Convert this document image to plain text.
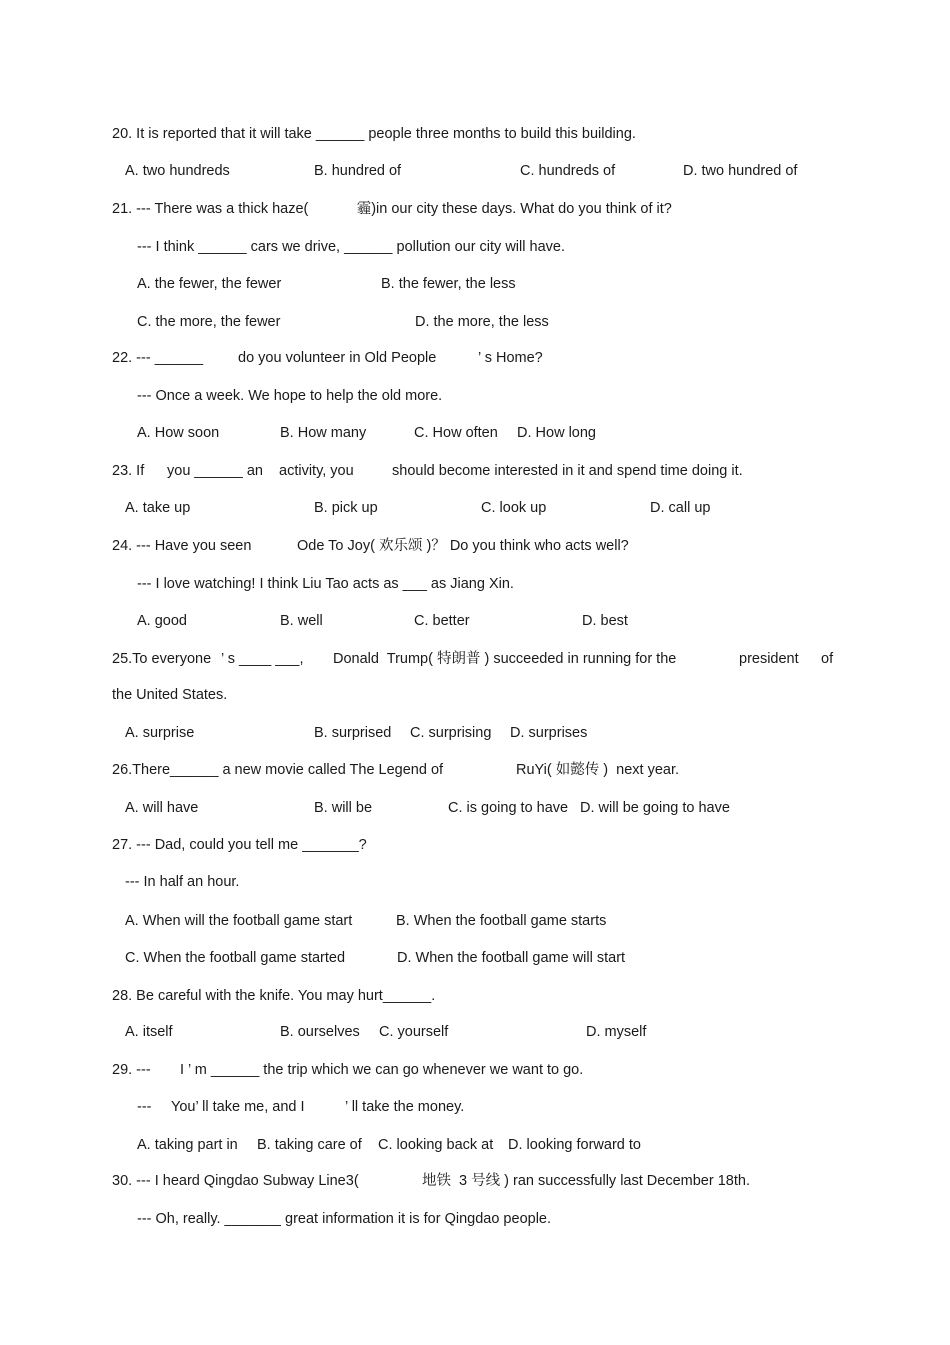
20. It is reported that it will take ______ people three months to build this building.
A. two hundreds	B. hundred of	C. hundreds of	D. two hundred of
21. --- There was a thick haze(            霾)in our city these days. What do you think of it?
--- I think ______ cars we drive, ______ pollution our city will have.
A. the fewer, the fewer	B. the fewer, the less
C. the more, the fewer	D. the more, the less
22. --- ______ do you volunteer in Old People	’ s Home?
--- Once a week. We hope to help the old more.
A. How soon	B. How many	C. How often D. How long
23. If you ______ an activity, you	should become interested in it and spend time doing it.
A. take up	B. pick up	C. look up	D. call up
24. --- Have you seen	Ode To Joy( 欢乐颂 )？ Do you think who acts well?
--- I love watching! I think Liu Tao acts as ___ as Jiang Xin.
A. good	B. well	C. better	D. best
25.To everyone ’ s ____ ___, Donald  Trump( 特朗普 ) succeeded in running for the	president of
the United States.
A. surprise	B. surprised C. surprising D. surprises
26.There______ a new movie called The Legend of	RuYi( 如懿传 )  next year.
A. will have	B. will be	C. is going to have D. will be going to have
27. --- Dad, could you tell me _______?
--- In half an hour.
A. When will the football game start	B. When the football game starts
C. When the football game started	D. When the football game will start
28. Be careful with the knife. You may hurt______.
A. itself	B. ourselves C. yourself	D. myself
29. --- I ’ m ______ the trip which we can go whenever we want to go.
--- You’ ll take me, and I	’ ll take the money.
A. taking part in B. taking care of C. looking back at D. looking forward to
30. --- I heard Qingdao Subway Line3(	地铁  3 号线 ) ran successfully last December 18th.
--- Oh, really. _______ great information it is for Qingdao people.
